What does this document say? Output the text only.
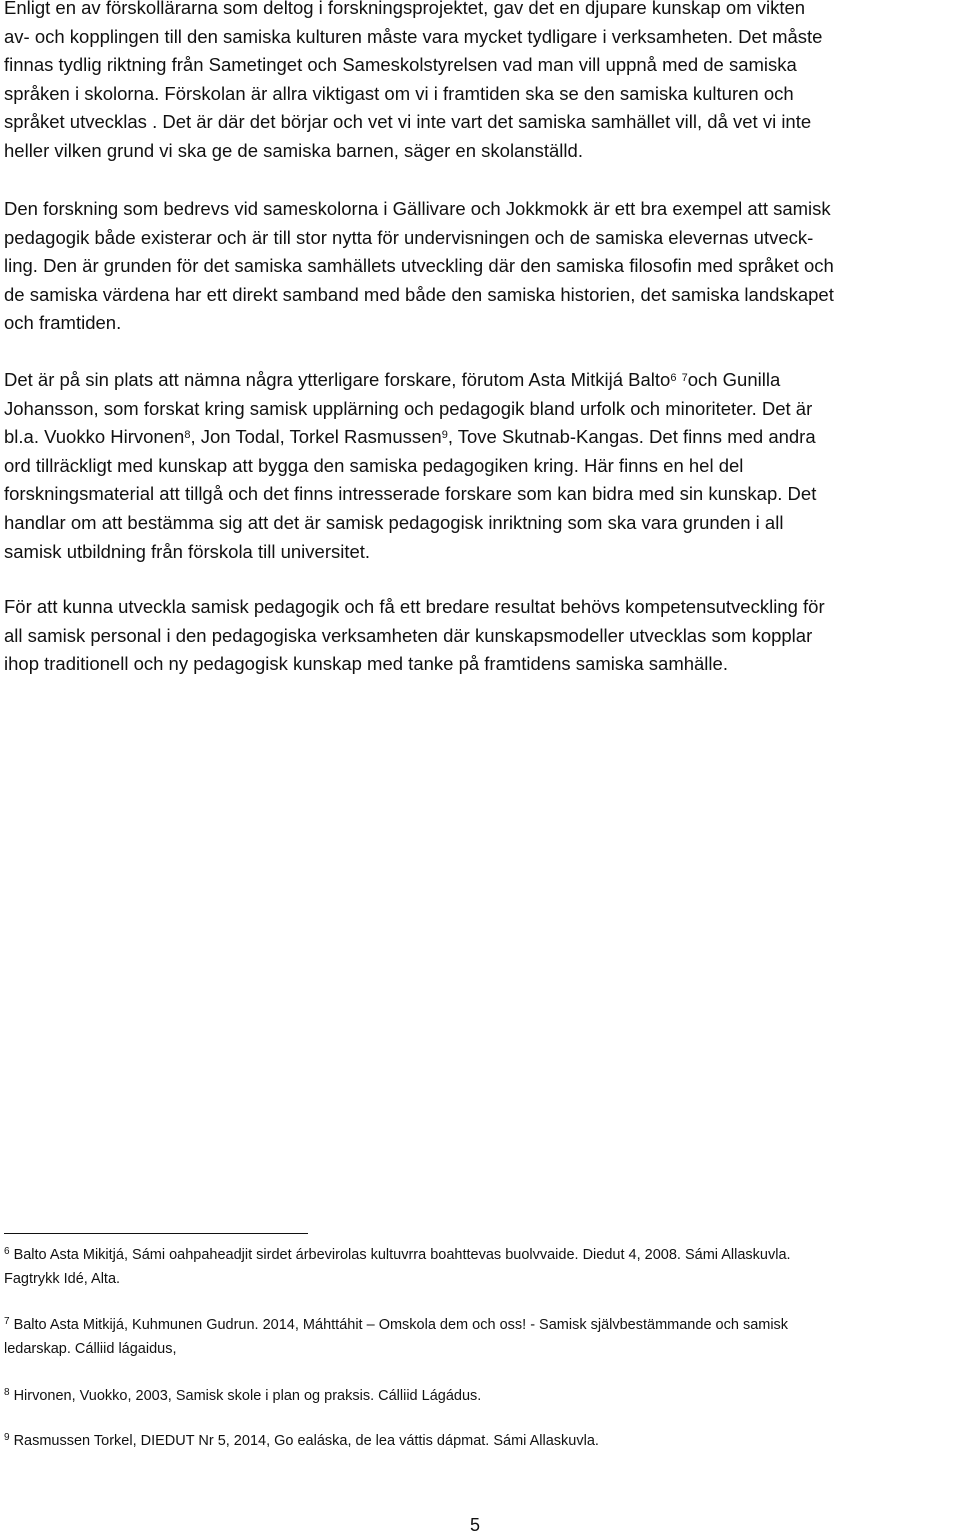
Enligt en av förskollärarna som deltog i forskningsprojektet, gav det en djupare kunskap om vikten
av- och kopplingen till den samiska kulturen måste vara mycket tydligare i verksamheten. Det måste
finnas tydlig riktning från Sametinget och Sameskolstyrelsen vad man vill uppnå med de samiska
språken i skolorna. Förskolan är allra viktigast om vi i framtiden ska se den samiska kulturen och
språket utvecklas . Det är där det börjar och vet vi inte vart det samiska samhället vill, då vet vi inte
heller vilken grund vi ska ge de samiska barnen, säger en skolanställd.

Den forskning som bedrevs vid sameskolorna i Gällivare och Jokkmokk är ett bra exempel att samisk
pedagogik både existerar och är till stor nytta för undervisningen och de samiska elevernas utveck-
ling. Den är grunden för det samiska samhällets utveckling där den samiska filosofin med språket och
de samiska värdena har ett direkt samband med både den samiska historien, det samiska landskapet
och framtiden.

Det är på sin plats att nämna några ytterligare forskare, förutom Asta Mitkijá Balto$^6$ $^7$och Gunilla
Johansson, som forskat kring samisk upplärning och pedagogik bland urfolk och minoriteter. Det är
bl.a. Vuokko Hirvonen$^8$, Jon Todal, Torkel Rasmussen$^9$, Tove Skutnab-Kangas. Det finns med andra
ord tillräckligt med kunskap att bygga den samiska pedagogiken kring. Här finns en hel del
forskningsmaterial att tillgå och det finns intresserade forskare som kan bidra med sin kunskap. Det
handlar om att bestämma sig att det är samisk pedagogisk inriktning som ska vara grunden i all
samisk utbildning från förskola till universitet.

För att kunna utveckla samisk pedagogik och få ett bredare resultat behövs kompetensutveckling för
all samisk personal i den pedagogiska verksamheten där kunskapsmodeller utvecklas som kopplar
ihop traditionell och ny pedagogisk kunskap med tanke på framtidens samiska samhälle.

$^6$ Balto Asta Mikitjá, Sámi oahpaheadjit sirdet árbevirolas kultuvrra boahttevas buolvvaide. Diedut 4, 2008. Sámi Allaskuvla.
Fagtrykk Idé, Alta.

$^7$ Balto Asta Mitkijá, Kuhmunen Gudrun. 2014, Máhttáhit – Omskola dem och oss! - Samisk självbestämmande och samisk
ledarskap. Cálliid lágaidus,

$^8$ Hirvonen, Vuokko, 2003, Samisk skole i plan og praksis. Cálliid Lágádus.

$^9$ Rasmussen Torkel, DIEDUT Nr 5, 2014, Go ealáska, de lea váttis dápmat. Sámi Allaskuvla.

5
